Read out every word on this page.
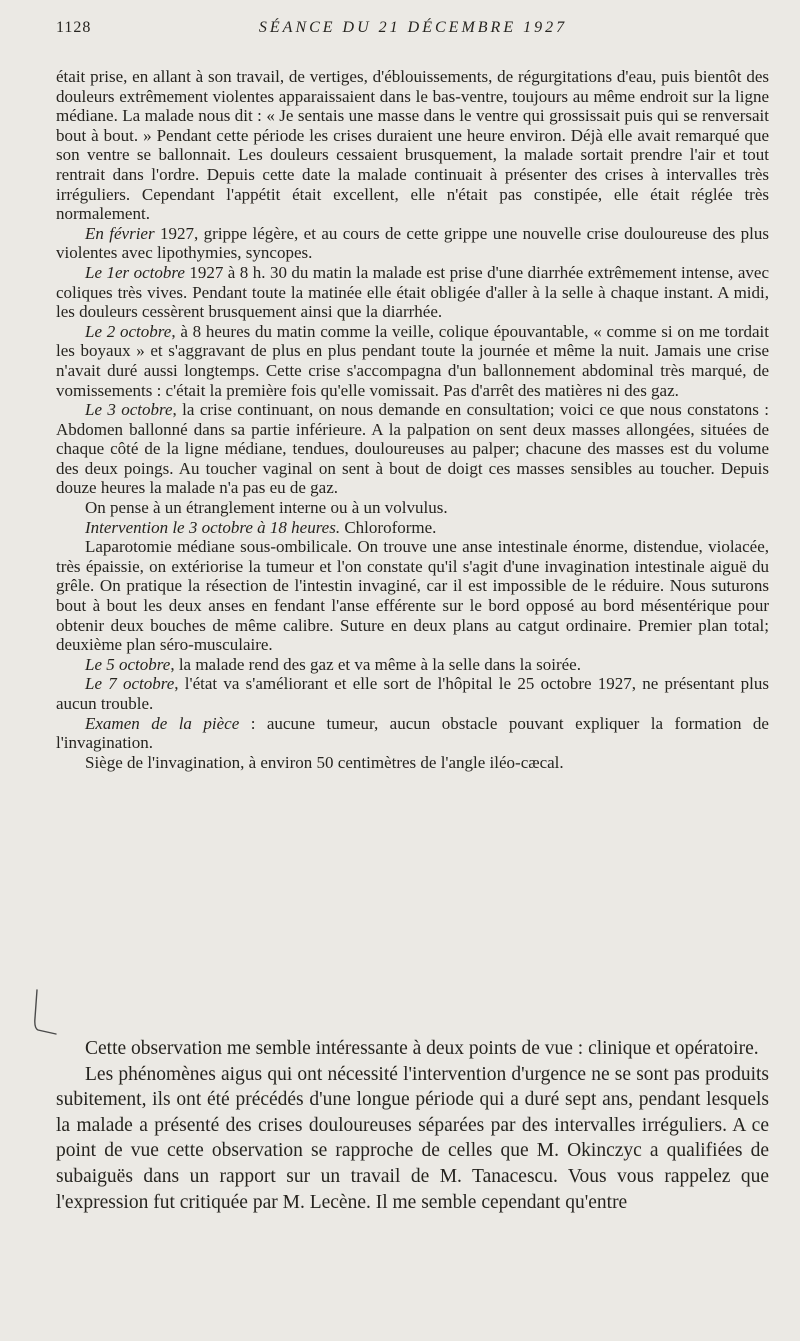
1128	SÉANCE DU 21 DÉCEMBRE 1927

était prise, en allant à son travail, de vertiges, d'éblouissements, de régurgitations d'eau, puis bientôt des douleurs extrêmement violentes apparaissaient dans le bas-ventre, toujours au même endroit sur la ligne médiane. La malade nous dit : « Je sentais une masse dans le ventre qui grossissait puis qui se renversait bout à bout. » Pendant cette période les crises duraient une heure environ. Déjà elle avait remarqué que son ventre se ballonnait. Les douleurs cessaient brusquement, la malade sortait prendre l'air et tout rentrait dans l'ordre. Depuis cette date la malade continuait à présenter des crises à intervalles très irréguliers. Cependant l'appétit était excellent, elle n'était pas constipée, elle était réglée très normalement.

En février 1927, grippe légère, et au cours de cette grippe une nouvelle crise douloureuse des plus violentes avec lipothymies, syncopes.

Le 1er octobre 1927 à 8 h. 30 du matin la malade est prise d'une diarrhée extrêmement intense, avec coliques très vives. Pendant toute la matinée elle était obligée d'aller à la selle à chaque instant. A midi, les douleurs cessèrent brusquement ainsi que la diarrhée.

Le 2 octobre, à 8 heures du matin comme la veille, colique épouvantable, « comme si on me tordait les boyaux » et s'aggravant de plus en plus pendant toute la journée et même la nuit. Jamais une crise n'avait duré aussi longtemps. Cette crise s'accompagna d'un ballonnement abdominal très marqué, de vomissements : c'était la première fois qu'elle vomissait. Pas d'arrêt des matières ni des gaz.

Le 3 octobre, la crise continuant, on nous demande en consultation; voici ce que nous constatons : Abdomen ballonné dans sa partie inférieure. A la palpation on sent deux masses allongées, situées de chaque côté de la ligne médiane, tendues, douloureuses au palper; chacune des masses est du volume des deux poings. Au toucher vaginal on sent à bout de doigt ces masses sensibles au toucher. Depuis douze heures la malade n'a pas eu de gaz.

On pense à un étranglement interne ou à un volvulus.

Intervention le 3 octobre à 18 heures. Chloroforme.

Laparotomie médiane sous-ombilicale. On trouve une anse intestinale énorme, distendue, violacée, très épaissie, on extériorise la tumeur et l'on constate qu'il s'agit d'une invagination intestinale aiguë du grêle. On pratique la résection de l'intestin invaginé, car il est impossible de le réduire. Nous suturons bout à bout les deux anses en fendant l'anse efférente sur le bord opposé au bord mésentérique pour obtenir deux bouches de même calibre. Suture en deux plans au catgut ordinaire. Premier plan total; deuxième plan séro-musculaire.

Le 5 octobre, la malade rend des gaz et va même à la selle dans la soirée.

Le 7 octobre, l'état va s'améliorant et elle sort de l'hôpital le 25 octobre 1927, ne présentant plus aucun trouble.

Examen de la pièce : aucune tumeur, aucun obstacle pouvant expliquer la formation de l'invagination.

Siège de l'invagination, à environ 50 centimètres de l'angle iléo-cæcal.

Cette observation me semble intéressante à deux points de vue : clinique et opératoire.

Les phénomènes aigus qui ont nécessité l'intervention d'urgence ne se sont pas produits subitement, ils ont été précédés d'une longue période qui a duré sept ans, pendant lesquels la malade a présenté des crises douloureuses séparées par des intervalles irréguliers. A ce point de vue cette observation se rapproche de celles que M. Okinczyc a qualifiées de subaiguës dans un rapport sur un travail de M. Tanacescu. Vous vous rappelez que l'expression fut critiquée par M. Lecène. Il me semble cependant qu'entre
